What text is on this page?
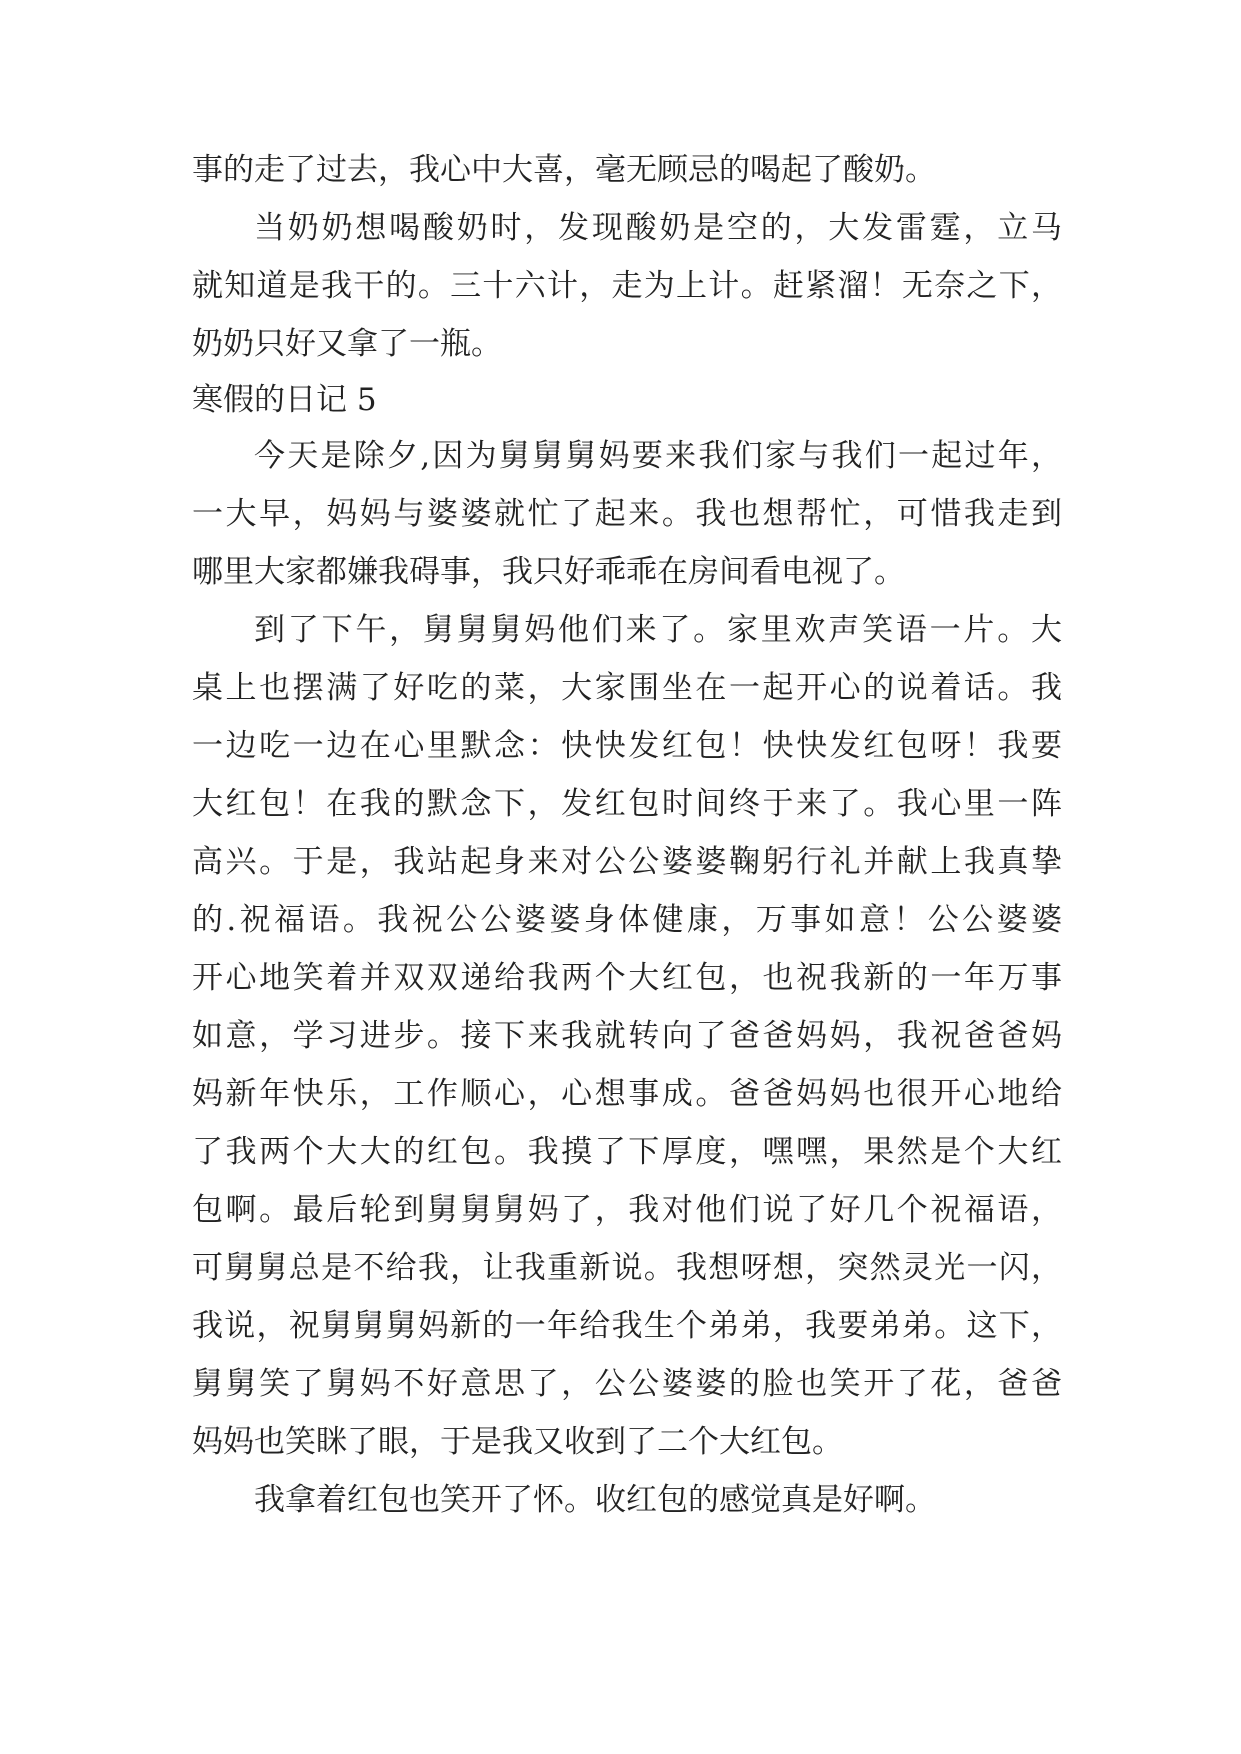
事的走了过去，我心中大喜，毫无顾忌的喝起了酸奶。
当奶奶想喝酸奶时，发现酸奶是空的，大发雷霆，立马
就知道是我干的。三十六计，走为上计。赶紧溜！无奈之下，
奶奶只好又拿了一瓶。
寒假的日记 5
今天是除夕,因为舅舅舅妈要来我们家与我们一起过年，
一大早，妈妈与婆婆就忙了起来。我也想帮忙，可惜我走到
哪里大家都嫌我碍事，我只好乖乖在房间看电视了。
到了下午，舅舅舅妈他们来了。家里欢声笑语一片。大
桌上也摆满了好吃的菜，大家围坐在一起开心的说着话。我
一边吃一边在心里默念：快快发红包！快快发红包呀！我要
大红包！在我的默念下，发红包时间终于来了。我心里一阵
高兴。于是，我站起身来对公公婆婆鞠躬行礼并献上我真挚
的.祝福语。我祝公公婆婆身体健康，万事如意！公公婆婆
开心地笑着并双双递给我两个大红包，也祝我新的一年万事
如意，学习进步。接下来我就转向了爸爸妈妈，我祝爸爸妈
妈新年快乐，工作顺心，心想事成。爸爸妈妈也很开心地给
了我两个大大的红包。我摸了下厚度，嘿嘿，果然是个大红
包啊。最后轮到舅舅舅妈了，我对他们说了好几个祝福语，
可舅舅总是不给我，让我重新说。我想呀想，突然灵光一闪，
我说，祝舅舅舅妈新的一年给我生个弟弟，我要弟弟。这下，
舅舅笑了舅妈不好意思了，公公婆婆的脸也笑开了花，爸爸
妈妈也笑眯了眼，于是我又收到了二个大红包。
我拿着红包也笑开了怀。收红包的感觉真是好啊。
